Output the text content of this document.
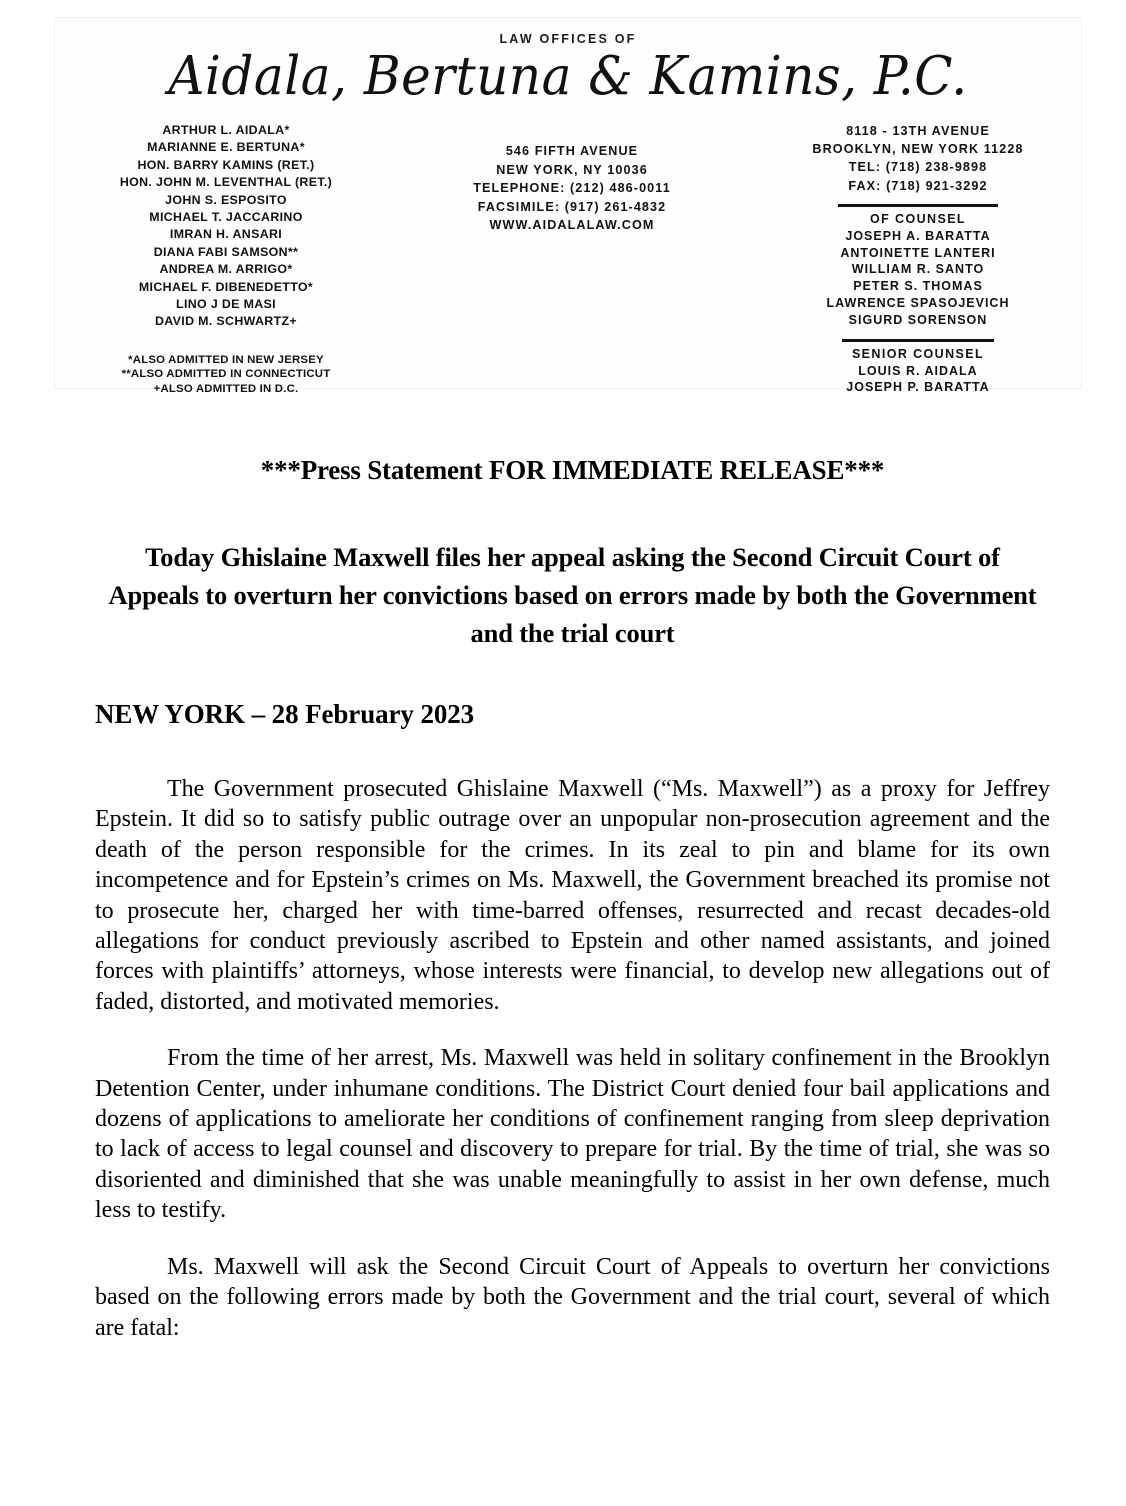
LAW OFFICES OF
Aidala, Bertuna & Kamins, P.C.
ARTHUR L. AIDALA*
MARIANNE E. BERTUNA*
HON. BARRY KAMINS (RET.)
HON. JOHN M. LEVENTHAL (RET.)
JOHN S. ESPOSITO
MICHAEL T. JACCARINO
IMRAN H. ANSARI
DIANA FABI SAMSON**
ANDREA M. ARRIGO*
MICHAEL F. DIBENEDETTO*
LINO J DE MASI
DAVID M. SCHWARTZ+
*ALSO ADMITTED IN NEW JERSEY
**ALSO ADMITTED IN CONNECTICUT
+ALSO ADMITTED IN D.C.
546 FIFTH AVENUE
NEW YORK, NY 10036
TELEPHONE: (212) 486-0011
FACSIMILE: (917) 261-4832
WWW.AIDALALAW.COM
8118 - 13TH AVENUE
BROOKLYN, NEW YORK 11228
TEL: (718) 238-9898
FAX: (718) 921-3292
OF COUNSEL
JOSEPH A. BARATTA
ANTOINETTE LANTERI
WILLIAM R. SANTO
PETER S. THOMAS
LAWRENCE SPASOJEVICH
SIGURD SORENSON
SENIOR COUNSEL
LOUIS R. AIDALA
JOSEPH P. BARATTA
***Press Statement FOR IMMEDIATE RELEASE***
Today Ghislaine Maxwell files her appeal asking the Second Circuit Court of Appeals to overturn her convictions based on errors made by both the Government and the trial court
NEW YORK – 28 February 2023

The Government prosecuted Ghislaine Maxwell (“Ms. Maxwell”) as a proxy for Jeffrey Epstein. It did so to satisfy public outrage over an unpopular non-prosecution agreement and the death of the person responsible for the crimes. In its zeal to pin and blame for its own incompetence and for Epstein’s crimes on Ms. Maxwell, the Government breached its promise not to prosecute her, charged her with time-barred offenses, resurrected and recast decades-old allegations for conduct previously ascribed to Epstein and other named assistants, and joined forces with plaintiffs’ attorneys, whose interests were financial, to develop new allegations out of faded, distorted, and motivated memories.

From the time of her arrest, Ms. Maxwell was held in solitary confinement in the Brooklyn Detention Center, under inhumane conditions. The District Court denied four bail applications and dozens of applications to ameliorate her conditions of confinement ranging from sleep deprivation to lack of access to legal counsel and discovery to prepare for trial. By the time of trial, she was so disoriented and diminished that she was unable meaningfully to assist in her own defense, much less to testify.

Ms. Maxwell will ask the Second Circuit Court of Appeals to overturn her convictions based on the following errors made by both the Government and the trial court, several of which are fatal:
